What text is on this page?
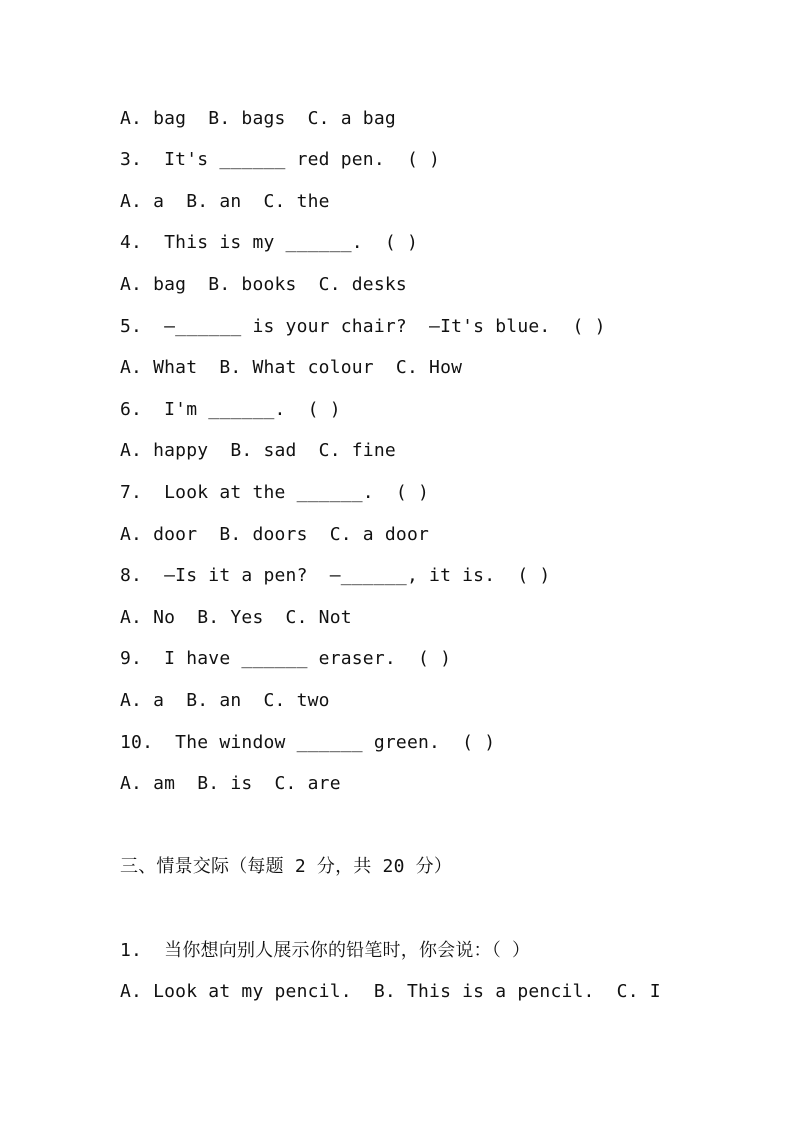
A. bag  B. bags  C. a bag
3.  It's ______ red pen.  ( )
A. a  B. an  C. the
4.  This is my ______.  ( )
A. bag  B. books  C. desks
5.  —______ is your chair?  —It's blue.  ( )
A. What  B. What colour  C. How
6.  I'm ______.  ( )
A. happy  B. sad  C. fine
7.  Look at the ______.  ( )
A. door  B. doors  C. a door
8.  —Is it a pen?  —______, it is.  ( )
A. No  B. Yes  C. Not
9.  I have ______ eraser.  ( )
A. a  B. an  C. two
10.  The window ______ green.  ( )
A. am  B. is  C. are
三、情景交际（每题 2 分，共 20 分）
1.  当你想向别人展示你的铅笔时，你会说：（ ）
A. Look at my pencil.  B. This is a pencil.  C. I
